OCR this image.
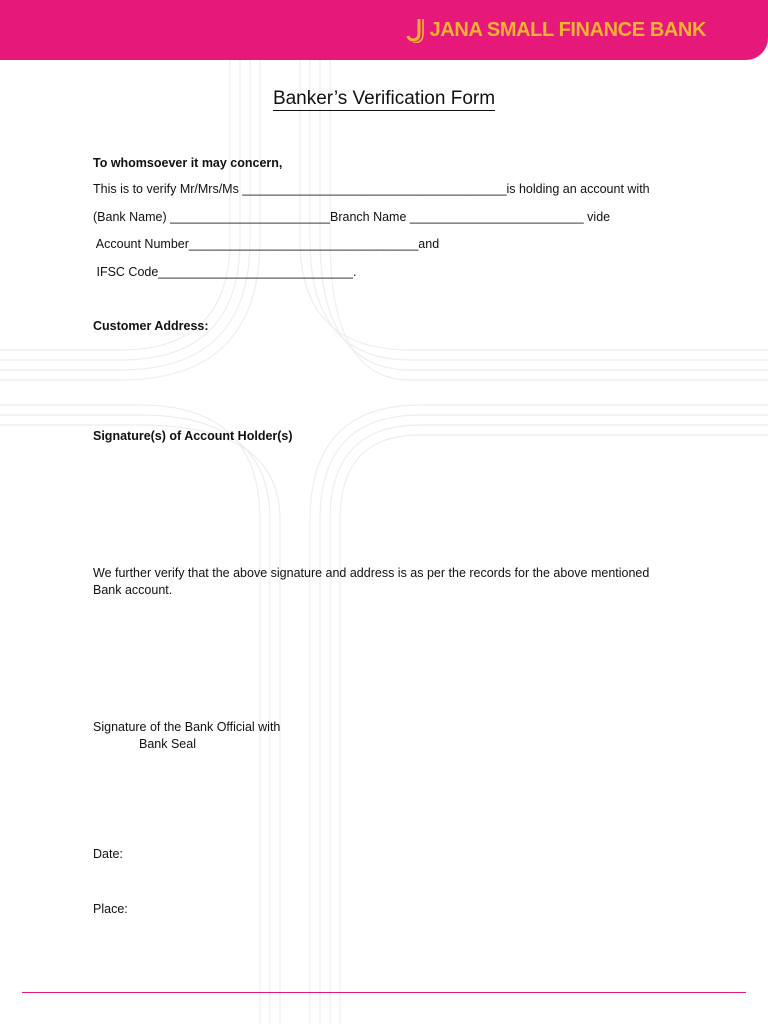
JANA SMALL FINANCE BANK
Banker’s Verification Form
To whomsoever it may concern,
This is to verify Mr/Mrs/Ms ______________________________________is holding an account with
(Bank Name) _______________________Branch Name _________________________ vide
Account Number_________________________________and
IFSC Code____________________________.
Customer Address:
Signature(s) of Account Holder(s)
We further verify that the above signature and address is as per the records for the above mentioned Bank account.
Signature of the Bank Official with
Bank Seal
Date:
Place:
